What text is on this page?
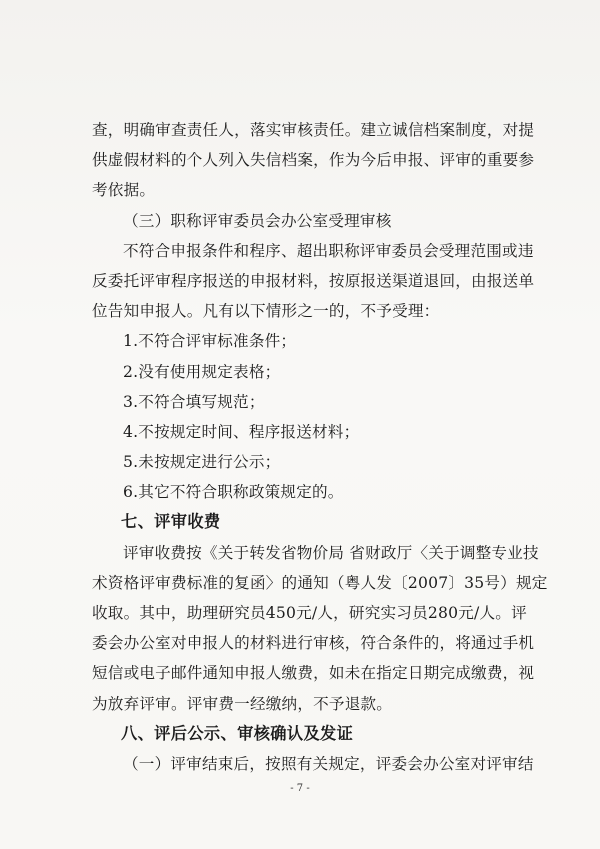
查，明确审查责任人，落实审核责任。建立诚信档案制度，对提
供虚假材料的个人列入失信档案，作为今后申报、评审的重要参
考依据。
（三）职称评审委员会办公室受理审核
不符合申报条件和程序、超出职称评审委员会受理范围或违
反委托评审程序报送的申报材料，按原报送渠道退回，由报送单
位告知申报人。凡有以下情形之一的，不予受理：
1.不符合评审标准条件；
2.没有使用规定表格；
3.不符合填写规范；
4.不按规定时间、程序报送材料；
5.未按规定进行公示；
6.其它不符合职称政策规定的。
七、评审收费
评审收费按《关于转发省物价局 省财政厅〈关于调整专业技
术资格评审费标准的复函〉的通知（粤人发〔2007〕35号）规定
收取。其中，助理研究员450元/人，研究实习员280元/人。评
委会办公室对申报人的材料进行审核，符合条件的，将通过手机
短信或电子邮件通知申报人缴费，如未在指定日期完成缴费，视
为放弃评审。评审费一经缴纳，不予退款。
八、评后公示、审核确认及发证
（一）评审结束后，按照有关规定，评委会办公室对评审结
- 7 -
